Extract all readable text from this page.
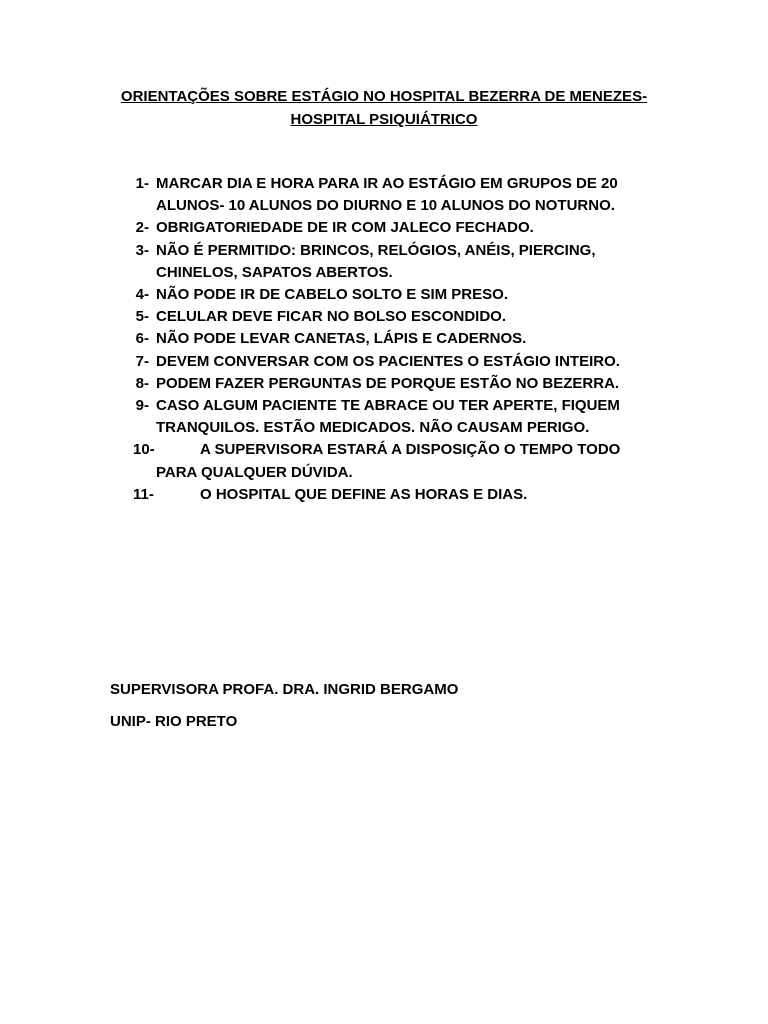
ORIENTAÇÕES SOBRE ESTÁGIO NO HOSPITAL BEZERRA DE MENEZES-
HOSPITAL PSIQUIÁTRICO
1- MARCAR DIA E HORA PARA IR AO ESTÁGIO EM GRUPOS DE 20 ALUNOS- 10 ALUNOS DO DIURNO E 10 ALUNOS DO NOTURNO.
2- OBRIGATORIEDADE DE IR COM JALECO FECHADO.
3- NÃO É PERMITIDO: BRINCOS, RELÓGIOS, ANÉIS, PIERCING, CHINELOS, SAPATOS ABERTOS.
4- NÃO PODE IR DE CABELO SOLTO E SIM PRESO.
5- CELULAR DEVE FICAR NO BOLSO ESCONDIDO.
6- NÃO PODE LEVAR CANETAS, LÁPIS E CADERNOS.
7- DEVEM CONVERSAR COM OS PACIENTES O ESTÁGIO INTEIRO.
8- PODEM FAZER PERGUNTAS DE PORQUE ESTÃO NO BEZERRA.
9- CASO ALGUM PACIENTE TE ABRACE OU TER APERTE, FIQUEM TRANQUILOS. ESTÃO MEDICADOS. NÃO CAUSAM PERIGO.
10-	A SUPERVISORA ESTARÁ A DISPOSIÇÃO O TEMPO TODO
PARA QUALQUER DÚVIDA.
11-	O HOSPITAL QUE DEFINE AS HORAS E DIAS.
SUPERVISORA PROFA. DRA. INGRID BERGAMO
UNIP- RIO PRETO
